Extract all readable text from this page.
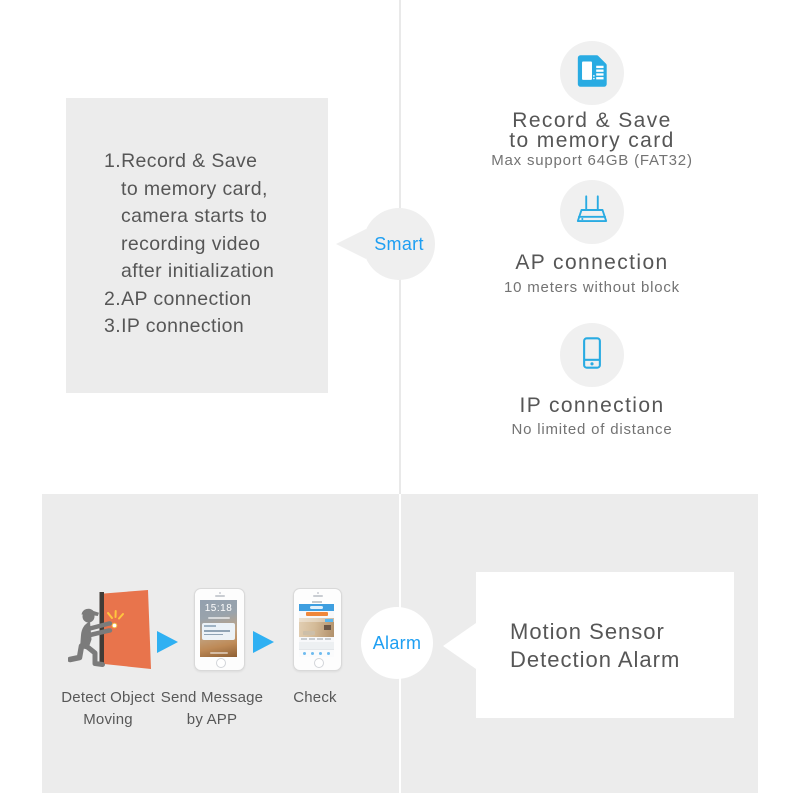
1.Record & Save
to memory card,
camera starts to
recording video
after initialization
2.AP connection
3.IP connection
Smart
Record & Save
to memory card
Max support 64GB (FAT32)
AP connection
10 meters without block
IP connection
No limited of distance
Detect Object
Moving
15:18
Send Message
by APP
Check
Alarm	Motion Sensor
Detection Alarm
